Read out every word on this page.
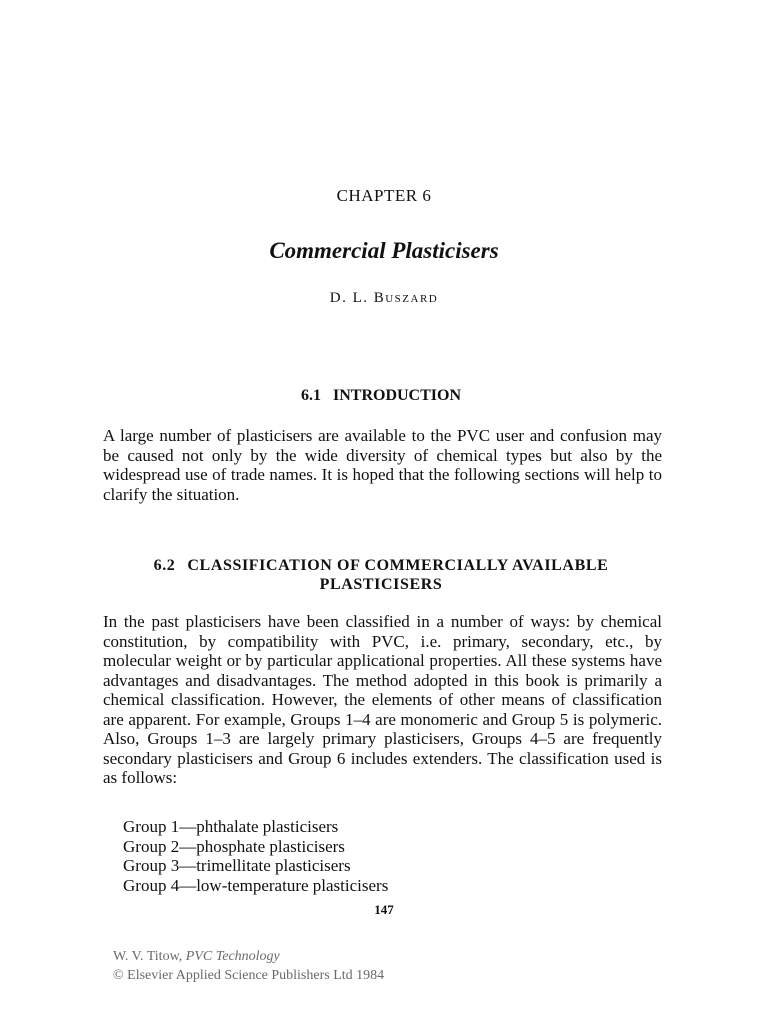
CHAPTER 6
Commercial Plasticisers
D. L. Buszard
6.1 INTRODUCTION

A large number of plasticisers are available to the PVC user and confusion may be caused not only by the wide diversity of chemical types but also by the widespread use of trade names. It is hoped that the following sections will help to clarify the situation.

6.2 CLASSIFICATION OF COMMERCIALLY AVAILABLE
PLASTICISERS

In the past plasticisers have been classified in a number of ways: by chemical constitution, by compatibility with PVC, i.e. primary, secondary, etc., by molecular weight or by particular applicational properties. All these systems have advantages and disadvantages. The method adopted in this book is primarily a chemical classification. However, the elements of other means of classification are apparent. For example, Groups 1–4 are monomeric and Group 5 is polymeric. Also, Groups 1–3 are largely primary plasticisers, Groups 4–5 are frequently secondary plasticisers and Group 6 includes extenders. The classification used is as follows:

Group 1—phthalate plasticisers
Group 2—phosphate plasticisers
Group 3—trimellitate plasticisers
Group 4—low-temperature plasticisers
147
W. V. Titow, PVC Technology
© Elsevier Applied Science Publishers Ltd 1984
